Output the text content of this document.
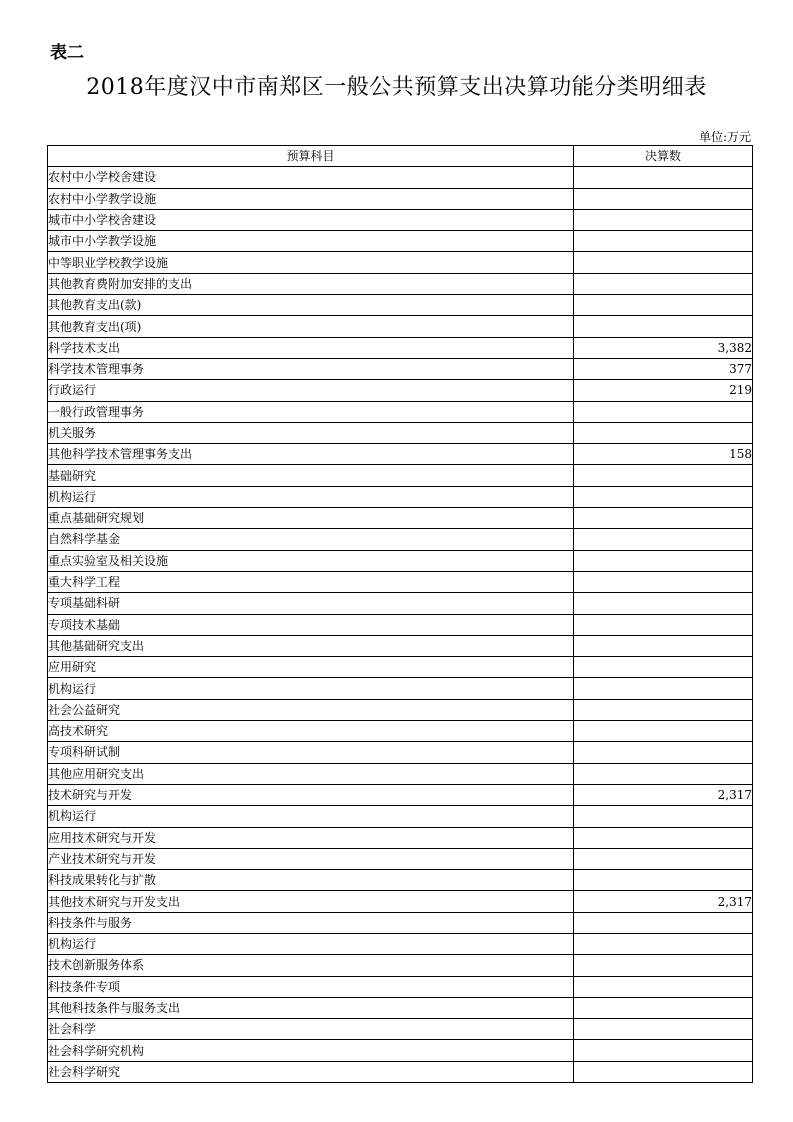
表二
2018年度汉中市南郑区一般公共预算支出决算功能分类明细表
单位:万元
预算科目	决算数
农村中小学校舍建设	
农村中小学教学设施	
城市中小学校舍建设	
城市中小学教学设施	
中等职业学校教学设施	
其他教育费附加安排的支出	
其他教育支出(款)	
其他教育支出(项)	
科学技术支出	3,382
科学技术管理事务	377
行政运行	219
一般行政管理事务	
机关服务	
其他科学技术管理事务支出	158
基础研究	
机构运行	
重点基础研究规划	
自然科学基金	
重点实验室及相关设施	
重大科学工程	
专项基础科研	
专项技术基础	
其他基础研究支出	
应用研究	
机构运行	
社会公益研究	
高技术研究	
专项科研试制	
其他应用研究支出	
技术研究与开发	2,317
机构运行	
应用技术研究与开发	
产业技术研究与开发	
科技成果转化与扩散	
其他技术研究与开发支出	2,317
科技条件与服务	
机构运行	
技术创新服务体系	
科技条件专项	
其他科技条件与服务支出	
社会科学	
社会科学研究机构	
社会科学研究	
